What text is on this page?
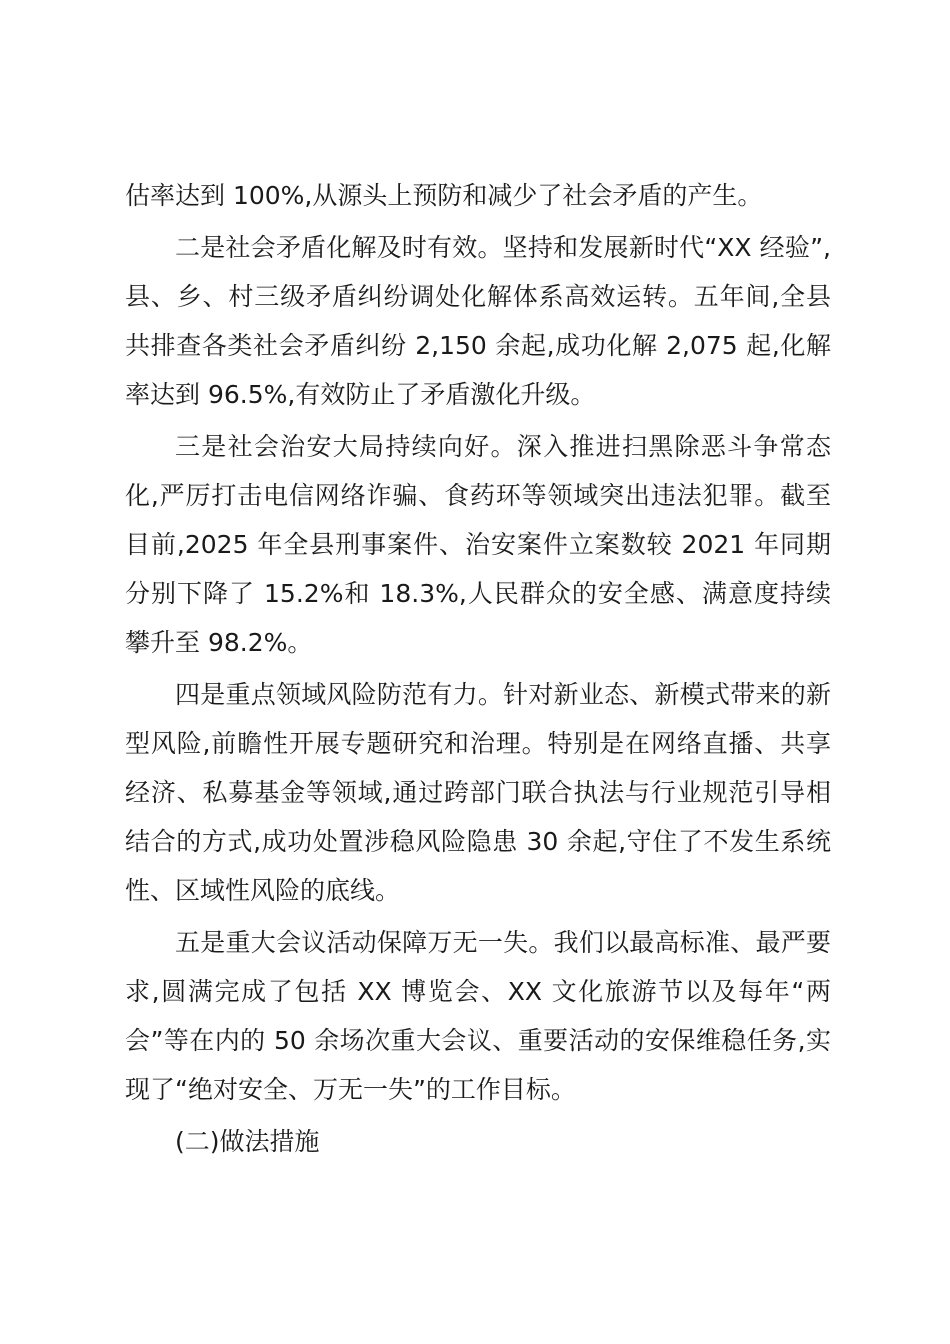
估率达到 100%,从源头上预防和减少了社会矛盾的产生。

二是社会矛盾化解及时有效。坚持和发展新时代“XX 经验”,县、乡、村三级矛盾纠纷调处化解体系高效运转。五年间,全县共排查各类社会矛盾纠纷 2,150 余起,成功化解 2,075 起,化解率达到 96.5%,有效防止了矛盾激化升级。

三是社会治安大局持续向好。深入推进扫黑除恶斗争常态化,严厉打击电信网络诈骗、食药环等领域突出违法犯罪。截至目前,2025 年全县刑事案件、治安案件立案数较 2021 年同期分别下降了 15.2%和 18.3%,人民群众的安全感、满意度持续攀升至 98.2%。

四是重点领域风险防范有力。针对新业态、新模式带来的新型风险,前瞻性开展专题研究和治理。特别是在网络直播、共享经济、私募基金等领域,通过跨部门联合执法与行业规范引导相结合的方式,成功处置涉稳风险隐患 30 余起,守住了不发生系统性、区域性风险的底线。

五是重大会议活动保障万无一失。我们以最高标准、最严要求,圆满完成了包括 XX 博览会、XX 文化旅游节以及每年“两会”等在内的 50 余场次重大会议、重要活动的安保维稳任务,实现了“绝对安全、万无一失”的工作目标。

(二)做法措施
